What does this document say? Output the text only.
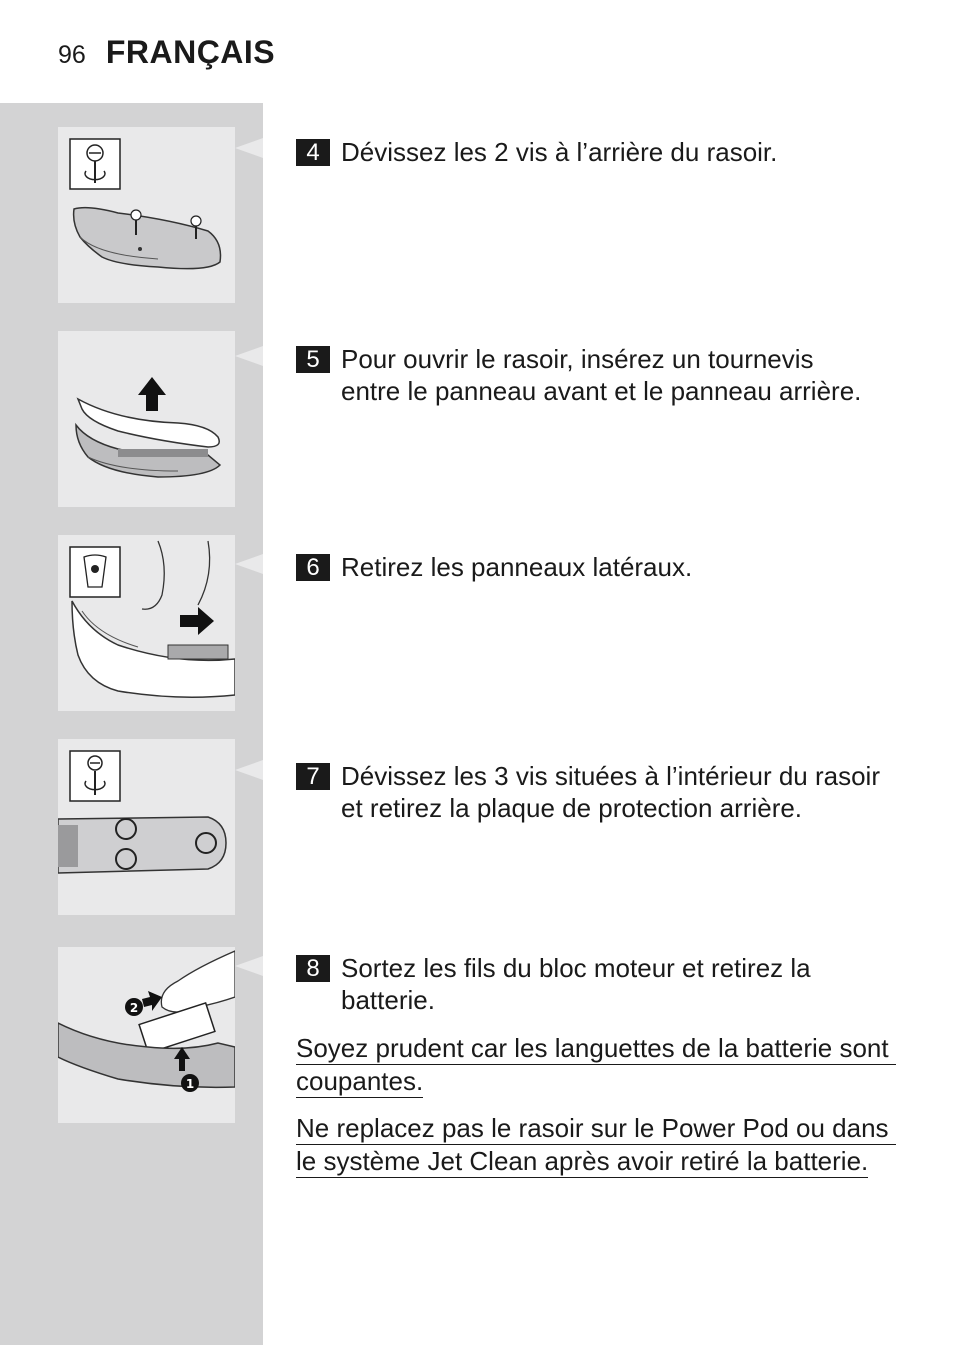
96 FRANÇAIS
2
1
4 Dévissez les 2 vis à l’arrière du rasoir.
5 Pour ouvrir le rasoir, insérez un tournevis
entre le panneau avant et le panneau arrière.
6 Retirez les panneaux latéraux.
7 Dévissez les 3 vis situées à l’intérieur du rasoir
et retirez la plaque de protection arrière.
8 Sortez les fils du bloc moteur et retirez la
batterie.
Soyez prudent car les languettes de la batterie sont
coupantes.
Ne replacez pas le rasoir sur le Power Pod ou dans
le système Jet Clean après avoir retiré la batterie.
